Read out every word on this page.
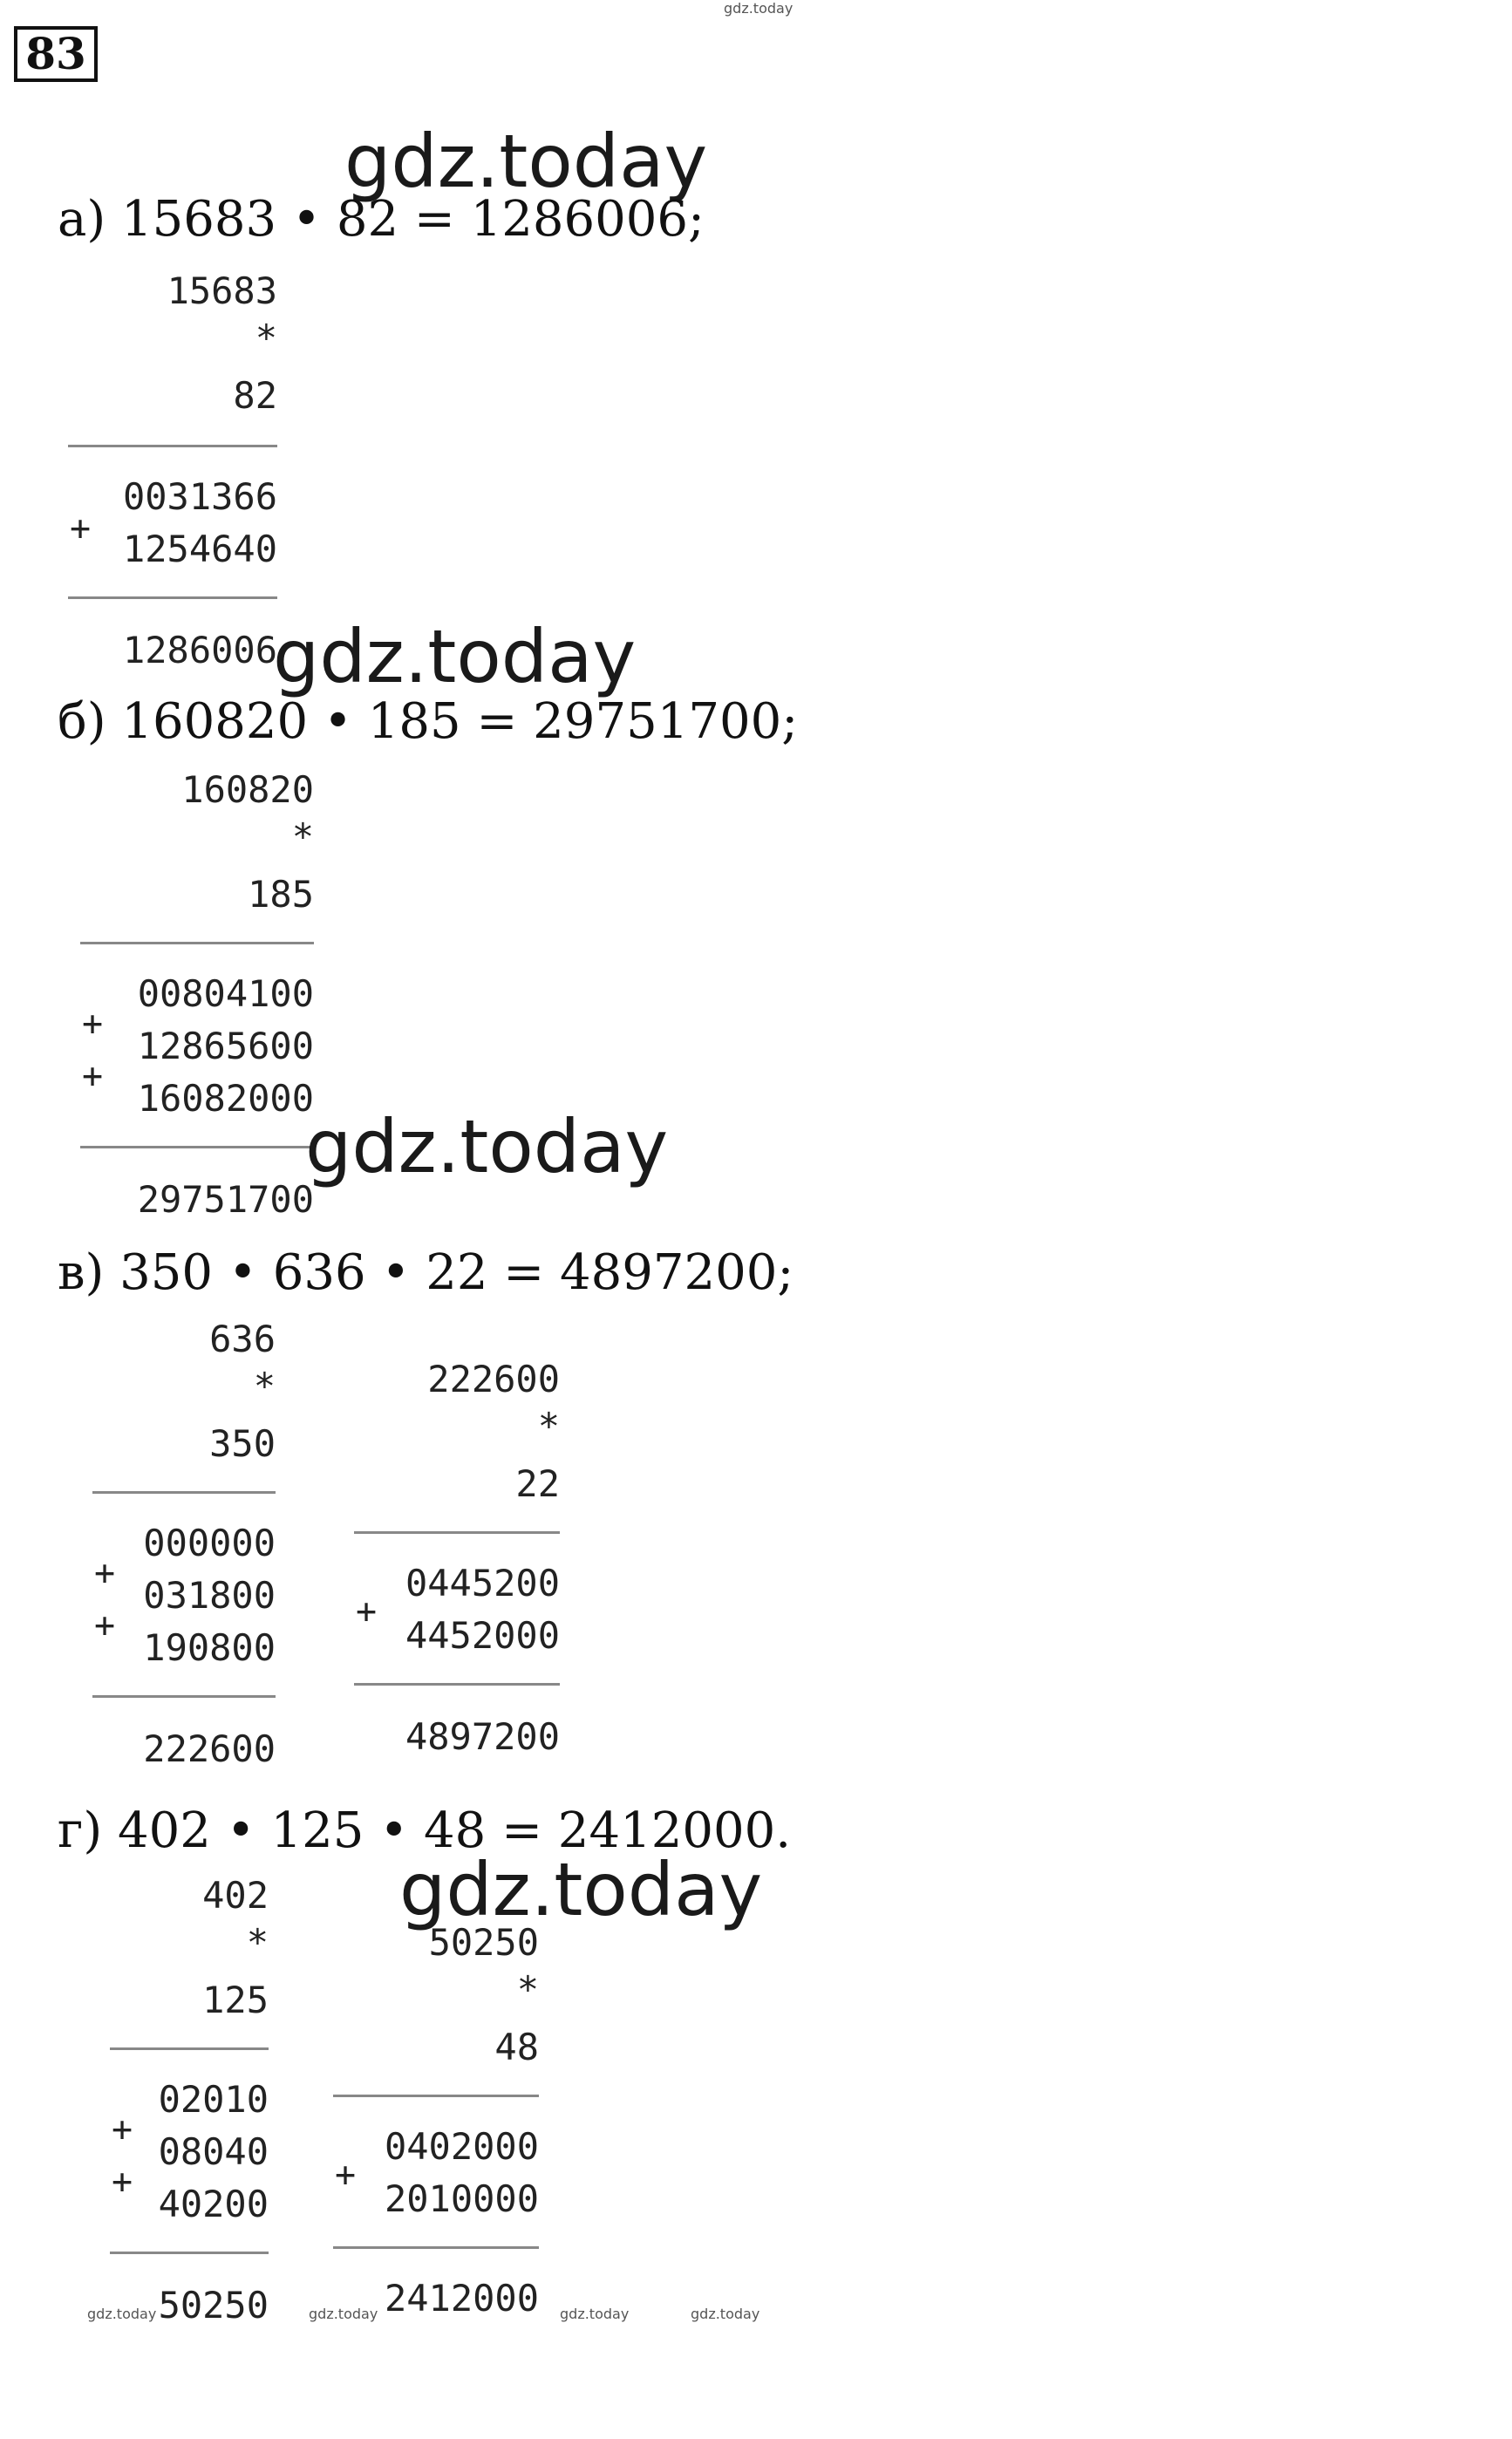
83
gdz.today
gdz.today
а) 15683 • 82 = 1286006;

15683

*

82

0031366

+

1254640

1286006

gdz.today
б) 160820 • 185 = 29751700;

160820

*

185

00804100

+

12865600

+

16082000

29751700

gdz.today
в) 350 • 636 • 22 = 4897200;

636

*

350

000000

+

031800

+

190800

222600

222600

*

22

0445200

+

4452000

4897200

г) 402 • 125 • 48 = 2412000.
gdz.today

402

*

125

02010

+

08040

+

40200

50250

50250

*

48

0402000

+

2010000

2412000

gdz.today	gdz.today	gdz.today	gdz.today
